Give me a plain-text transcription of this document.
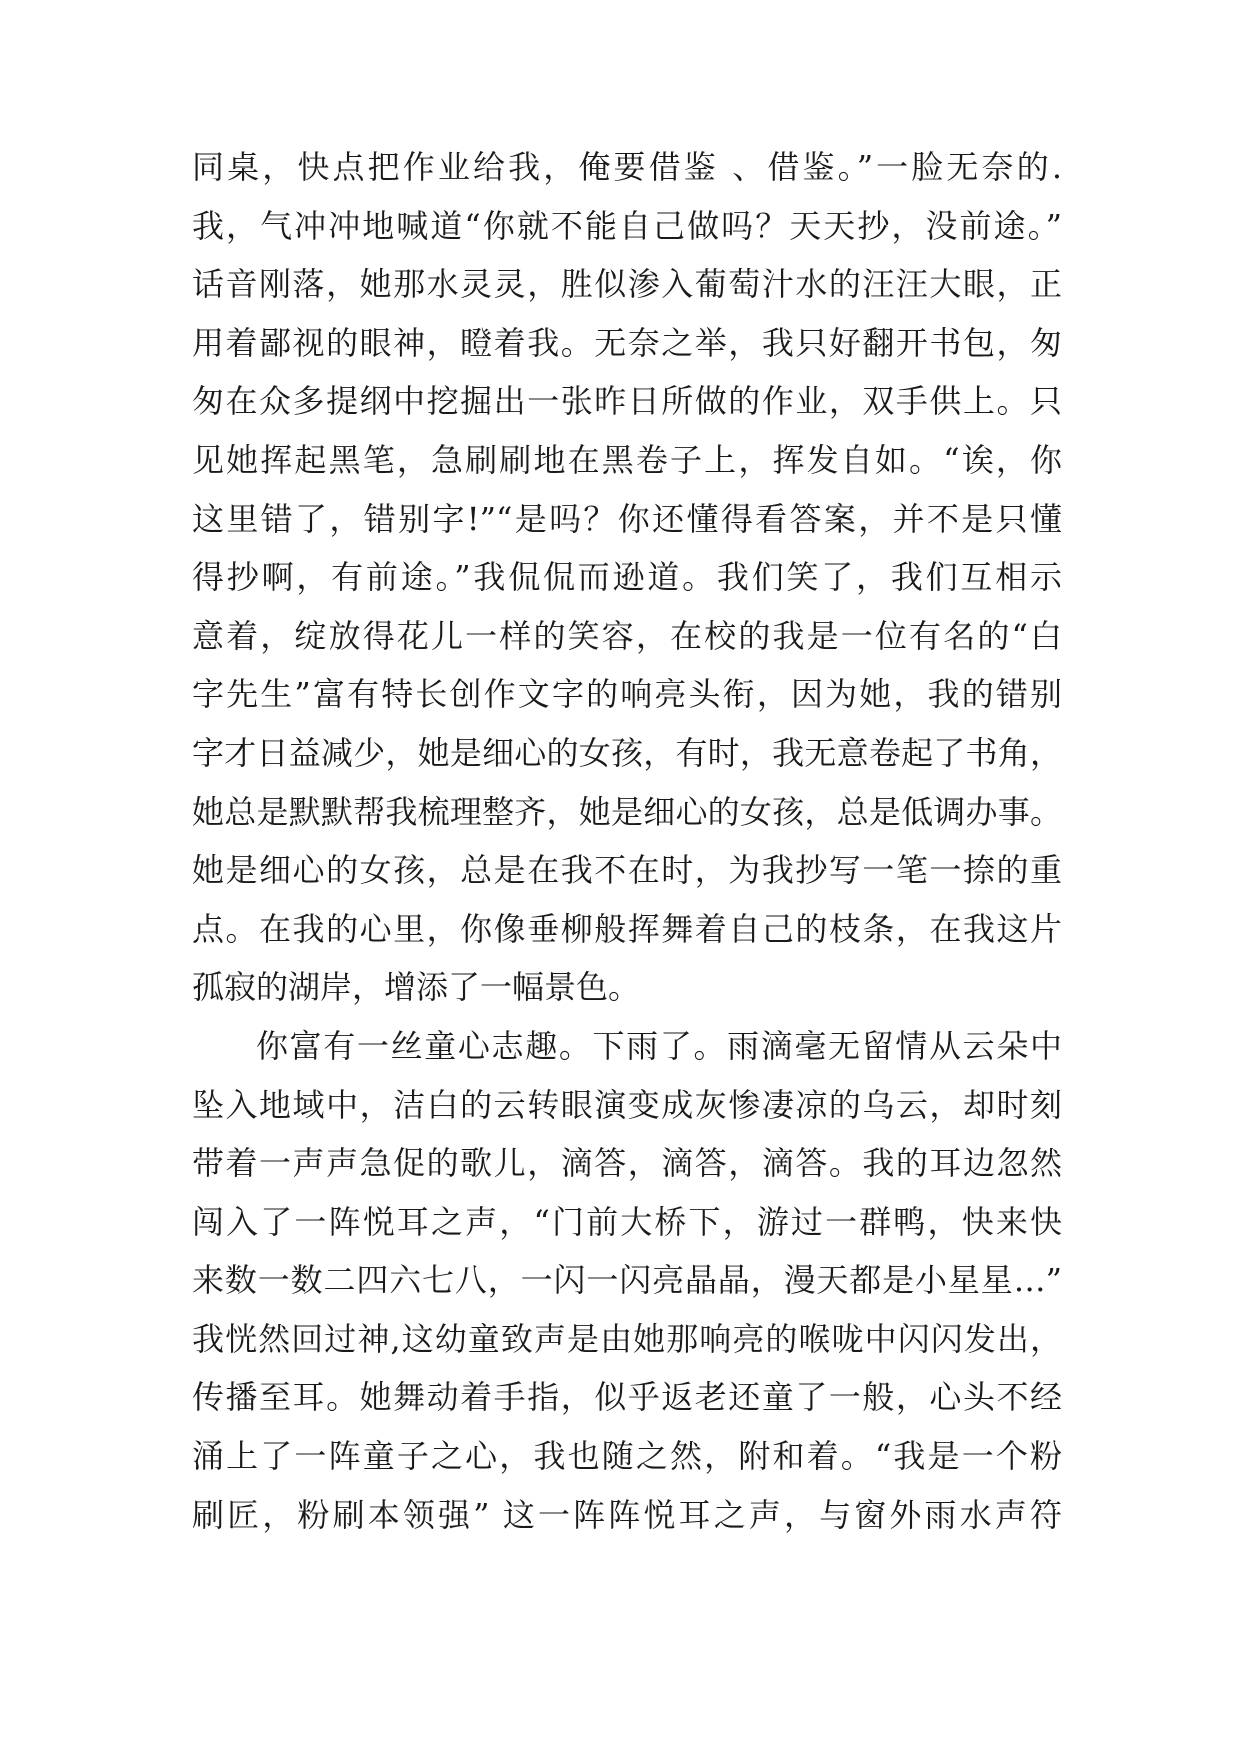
同桌，快点把作业给我，俺要借鉴 、借鉴。”一脸无奈的.
我，气冲冲地喊道“你就不能自己做吗？天天抄，没前途。”
话音刚落，她那水灵灵，胜似渗入葡萄汁水的汪汪大眼，正
用着鄙视的眼神，瞪着我。无奈之举，我只好翻开书包，匆
匆在众多提纲中挖掘出一张昨日所做的作业，双手供上。只
见她挥起黑笔，急刷刷地在黑卷子上，挥发自如。“诶，你
这里错了，错别字!”“是吗？你还懂得看答案，并不是只懂
得抄啊，有前途。”我侃侃而逊道。我们笑了，我们互相示
意着，绽放得花儿一样的笑容，在校的我是一位有名的“白
字先生”富有特长创作文字的响亮头衔，因为她，我的错别
字才日益减少，她是细心的女孩，有时，我无意卷起了书角，
她总是默默帮我梳理整齐，她是细心的女孩，总是低调办事。
她是细心的女孩，总是在我不在时，为我抄写一笔一捺的重
点。在我的心里，你像垂柳般挥舞着自己的枝条，在我这片
孤寂的湖岸，增添了一幅景色。
你富有一丝童心志趣。下雨了。雨滴毫无留情从云朵中
坠入地域中，洁白的云转眼演变成灰惨凄凉的乌云，却时刻
带着一声声急促的歌儿，滴答，滴答，滴答。我的耳边忽然
闯入了一阵悦耳之声，“门前大桥下，游过一群鸭，快来快
来数一数二四六七八，一闪一闪亮晶晶，漫天都是小星星…”
我恍然回过神,这幼童致声是由她那响亮的喉咙中闪闪发出，
传播至耳。她舞动着手指，似乎返老还童了一般，心头不经
涌上了一阵童子之心，我也随之然，附和着。“我是一个粉
刷匠，粉刷本领强” 这一阵阵悦耳之声，与窗外雨水声符
